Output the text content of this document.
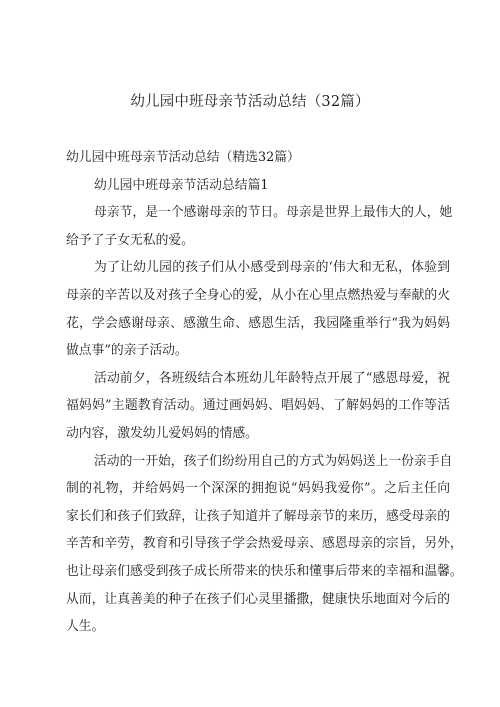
幼儿园中班母亲节活动总结（32篇）
幼儿园中班母亲节活动总结（精选32篇）
幼儿园中班母亲节活动总结篇1
母亲节，是一个感谢母亲的节日。母亲是世界上最伟大的人，她
给予了子女无私的爱。
为了让幼儿园的孩子们从小感受到母亲的‘伟大和无私，体验到
母亲的辛苦以及对孩子全身心的爱，从小在心里点燃热爱与奉献的火
花，学会感谢母亲、感激生命、感恩生活，我园隆重举行“我为妈妈
做点事”的亲子活动。
活动前夕，各班级结合本班幼儿年龄特点开展了“感恩母爱，祝
福妈妈”主题教育活动。通过画妈妈、唱妈妈、了解妈妈的工作等活
动内容，激发幼儿爱妈妈的情感。
活动的一开始，孩子们纷纷用自己的方式为妈妈送上一份亲手自
制的礼物，并给妈妈一个深深的拥抱说“妈妈我爱你”。之后主任向
家长们和孩子们致辞，让孩子知道并了解母亲节的来历，感受母亲的
辛苦和辛劳，教育和引导孩子学会热爱母亲、感恩母亲的宗旨，另外，
也让母亲们感受到孩子成长所带来的快乐和懂事后带来的幸福和温馨。
从而，让真善美的种子在孩子们心灵里播撒，健康快乐地面对今后的
人生。
